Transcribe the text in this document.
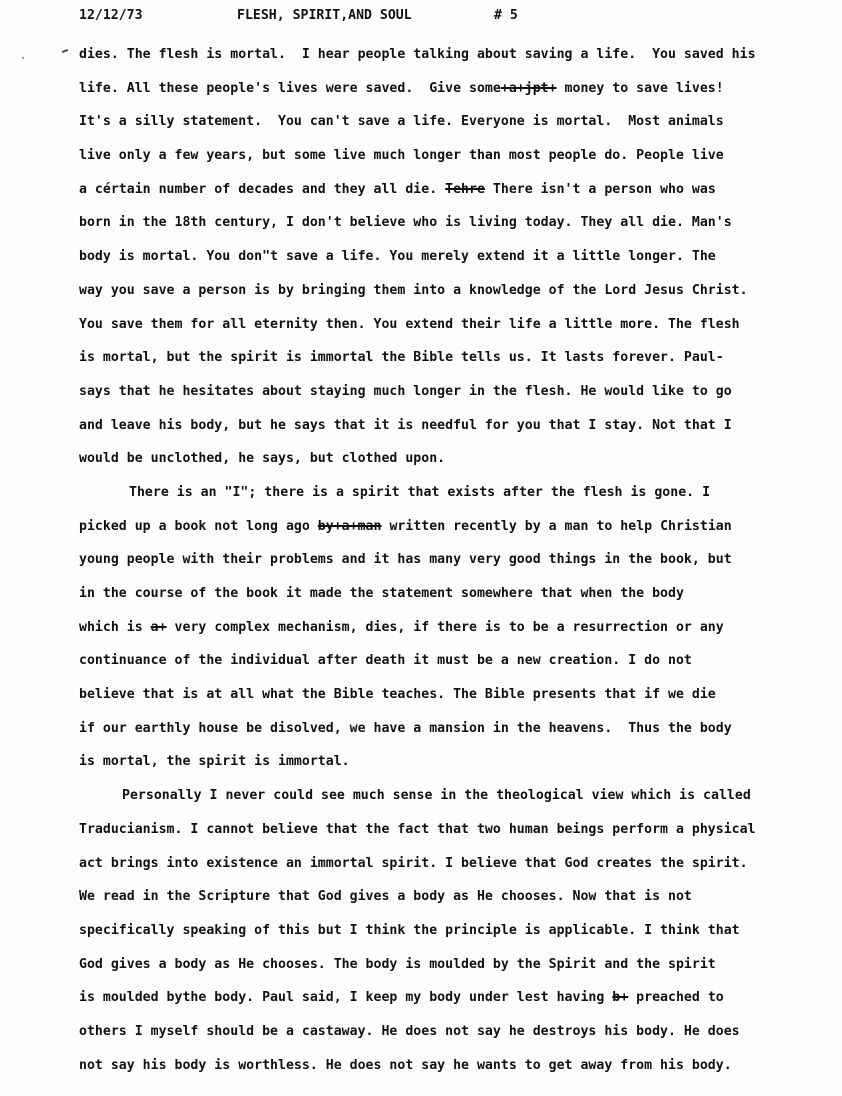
12/12/73

	FLESH, SPIRIT,AND SOUL

	# 5

dies. The flesh is mortal.  I hear people talking about saving a life.  You saved his
life. All these people's lives were saved.  Give some+a+jpt+ money to save lives!
It's a silly statement.  You can't save a life. Everyone is mortal.  Most animals
live only a few years, but some live much longer than most people do. People live
a cértain number of decades and they all die. Tehre There isn't a person who was
born in the 18th century, I don't believe who is living today. They all die. Man's
body is mortal. You don"t save a life. You merely extend it a little longer. The
way you save a person is by bringing them into a knowledge of the Lord Jesus Christ.
You save them for all eternity then. You extend their life a little more. The flesh
is mortal, but the spirit is immortal the Bible tells us. It lasts forever. Paul-
says that he hesitates about staying much longer in the flesh. He would like to go
and leave his body, but he says that it is needful for you that I stay. Not that I
would be unclothed, he says, but clothed upon.
There is an "I"; there is a spirit that exists after the flesh is gone. I
picked up a book not long ago by+a+man written recently by a man to help Christian
young people with their problems and it has many very good things in the book, but
in the course of the book it made the statement somewhere that when the body
which is a+ very complex mechanism, dies, if there is to be a resurrection or any
continuance of the individual after death it must be a new creation. I do not
believe that is at all what the Bible teaches. The Bible presents that if we die
if our earthly house be disolved, we have a mansion in the heavens.  Thus the body
is mortal, the spirit is immortal.
Personally I never could see much sense in the theological view which is called
Traducianism. I cannot believe that the fact that two human beings perform a physical
act brings into existence an immortal spirit. I believe that God creates the spirit.
We read in the Scripture that God gives a body as He chooses. Now that is not
specifically speaking of this but I think the principle is applicable. I think that
God gives a body as He chooses. The body is moulded by the Spirit and the spirit
is moulded bythe body. Paul said, I keep my body under lest having b+ preached to
others I myself should be a castaway. He does not say he destroys his body. He does
not say his body is worthless. He does not say he wants to get away from his body.
